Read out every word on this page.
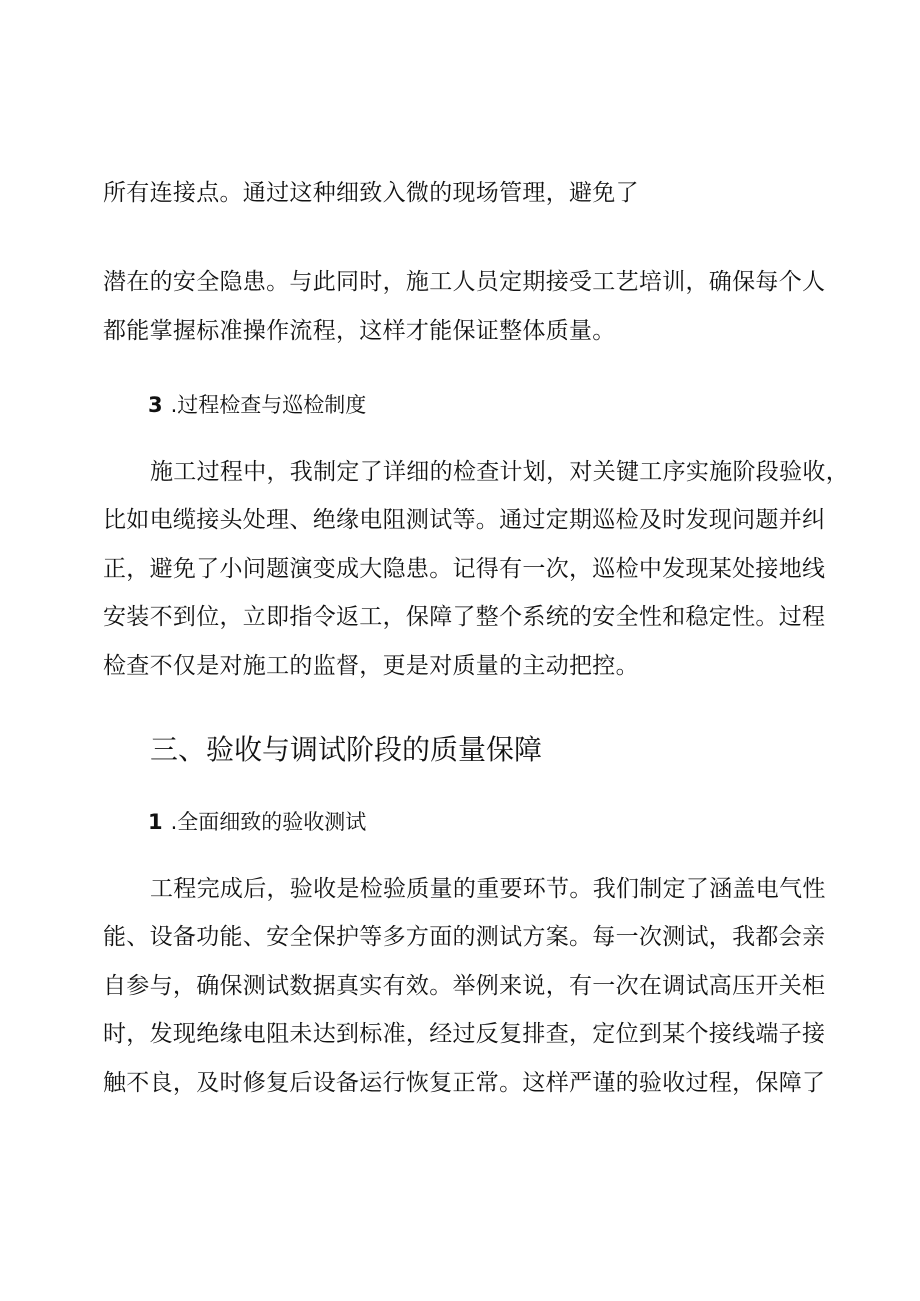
所有连接点。通过这种细致入微的现场管理，避免了
潜在的安全隐患。与此同时，施工人员定期接受工艺培训，确保每个人
都能掌握标准操作流程，这样才能保证整体质量。
3 .过程检查与巡检制度
施工过程中，我制定了详细的检查计划，对关键工序实施阶段验收，
比如电缆接头处理、绝缘电阻测试等。通过定期巡检及时发现问题并纠
正，避免了小问题演变成大隐患。记得有一次，巡检中发现某处接地线
安装不到位，立即指令返工，保障了整个系统的安全性和稳定性。过程
检查不仅是对施工的监督，更是对质量的主动把控。
三、验收与调试阶段的质量保障
1 .全面细致的验收测试
工程完成后，验收是检验质量的重要环节。我们制定了涵盖电气性
能、设备功能、安全保护等多方面的测试方案。每一次测试，我都会亲
自参与，确保测试数据真实有效。举例来说，有一次在调试高压开关柜
时，发现绝缘电阻未达到标准，经过反复排查，定位到某个接线端子接
触不良，及时修复后设备运行恢复正常。这样严谨的验收过程，保障了
